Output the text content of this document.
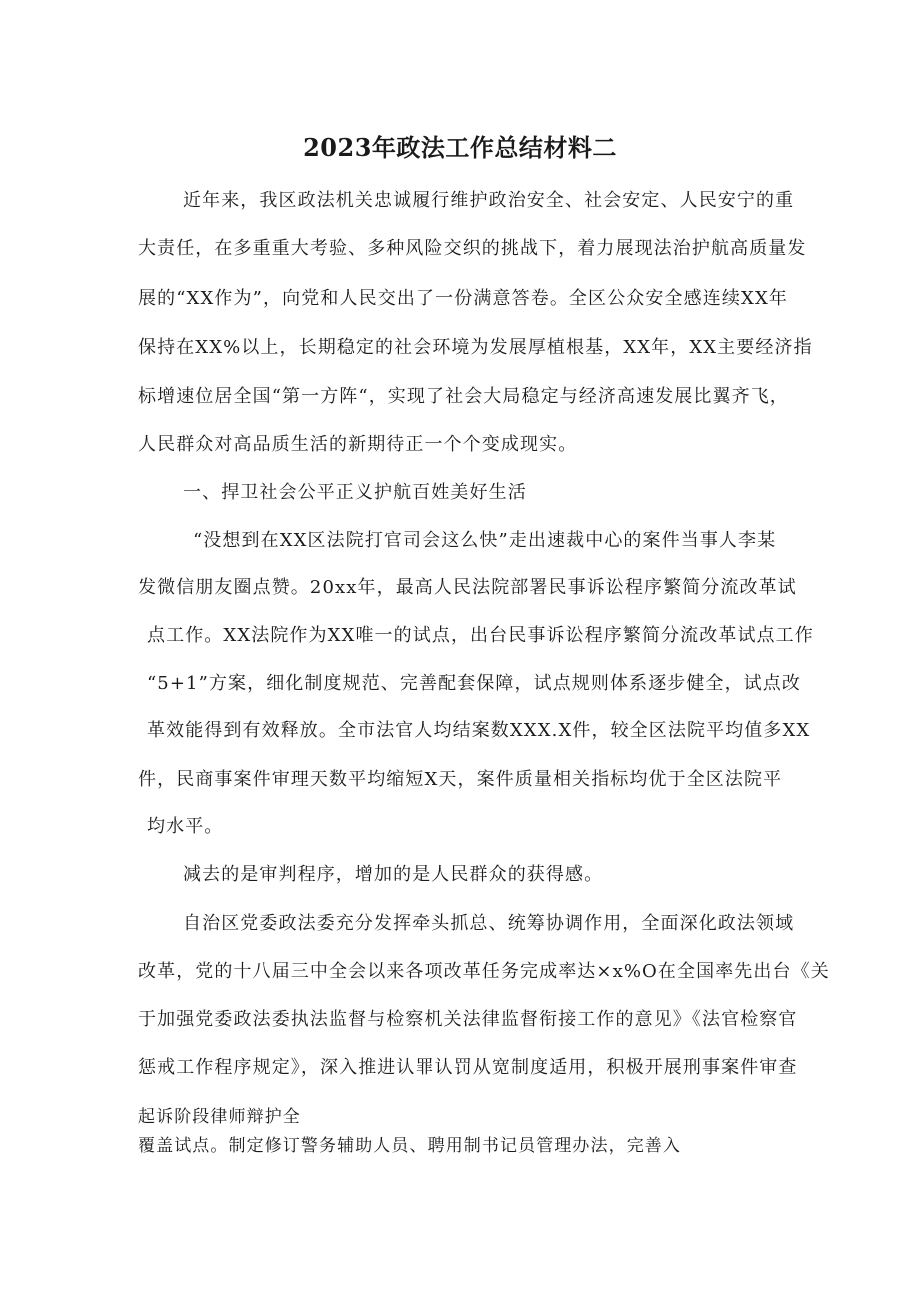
2023年政法工作总结材料二
近年来，我区政法机关忠诚履行维护政治安全、社会安定、人民安宁的重
大责任，在多重重大考验、多种风险交织的挑战下，着力展现法治护航高质量发
展的“XX作为”，向党和人民交出了一份满意答卷。全区公众安全感连续XX年
保持在XX%以上，长期稳定的社会环境为发展厚植根基，XX年，XX主要经济指
标增速位居全国“第一方阵“，实现了社会大局稳定与经济高速发展比翼齐飞，
人民群众对高品质生活的新期待正一个个变成现实。
一、捍卫社会公平正义护航百姓美好生活
“没想到在XX区法院打官司会这么快”走出速裁中心的案件当事人李某
发微信朋友圈点赞。20xx年，最高人民法院部署民事诉讼程序繁简分流改革试
点工作。XX法院作为XX唯一的试点，出台民事诉讼程序繁简分流改革试点工作
“5+1”方案，细化制度规范、完善配套保障，试点规则体系逐步健全，试点改
革效能得到有效释放。全市法官人均结案数XXX.X件，较全区法院平均值多XX
件，民商事案件审理天数平均缩短X天，案件质量相关指标均优于全区法院平
均水平。
减去的是审判程序，增加的是人民群众的获得感。
自治区党委政法委充分发挥牵头抓总、统筹协调作用，全面深化政法领域
改革，党的十八届三中全会以来各项改革任务完成率达×x%O在全国率先出台《关
于加强党委政法委执法监督与检察机关法律监督衔接工作的意见》《法官检察官
惩戒工作程序规定》，深入推进认罪认罚从宽制度适用，积极开展刑事案件审查
起诉阶段律师辩护全
覆盖试点。制定修订警务辅助人员、聘用制书记员管理办法，完善入
